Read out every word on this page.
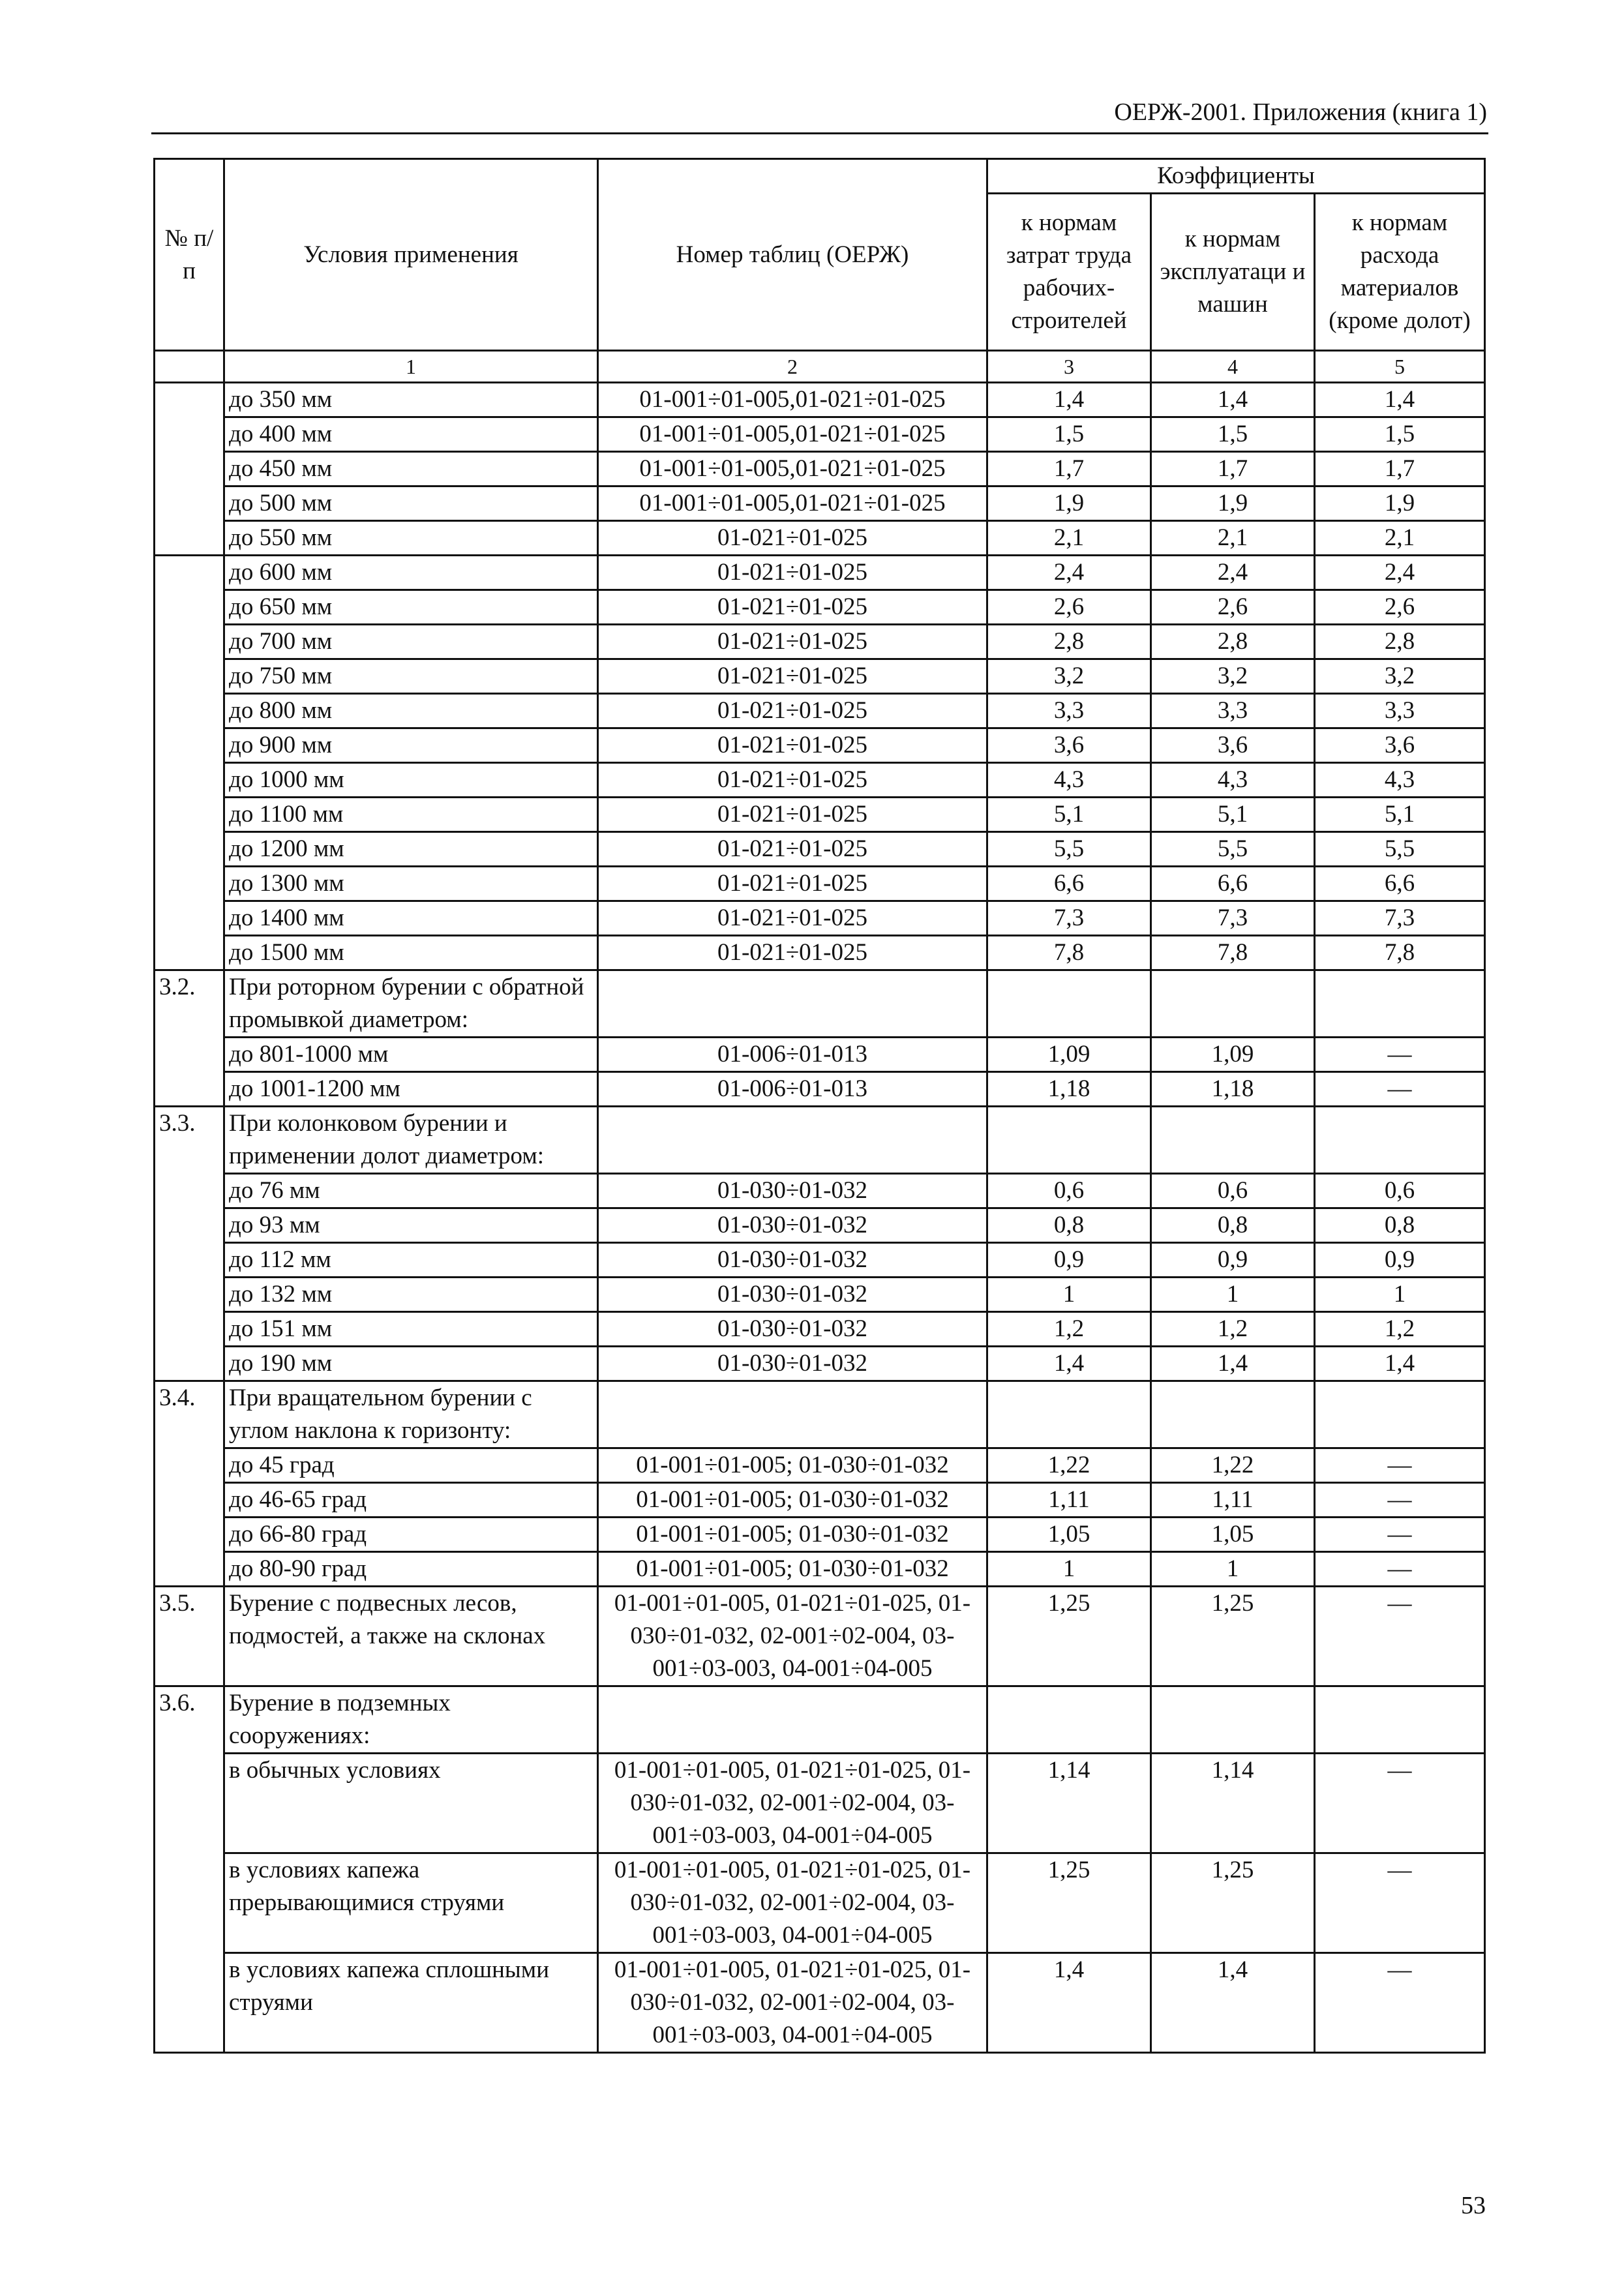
ОЕРЖ-2001. Приложения (книга 1)
№ п/п	Условия применения	Номер таблиц (ОЕРЖ)	Коэффициенты		
			к нормам затрат труда рабочих-строителей	к нормам эксплуатаци и машин	к нормам расхода материалов (кроме долот)
	1	2	3	4	5
	до 350 мм	01-001÷01-005,01-021÷01-025	1,4	1,4	1,4
	до 400 мм	01-001÷01-005,01-021÷01-025	1,5	1,5	1,5
	до 450 мм	01-001÷01-005,01-021÷01-025	1,7	1,7	1,7
	до 500 мм	01-001÷01-005,01-021÷01-025	1,9	1,9	1,9
	до 550 мм	01-021÷01-025	2,1	2,1	2,1
	до 600 мм	01-021÷01-025	2,4	2,4	2,4
	до 650 мм	01-021÷01-025	2,6	2,6	2,6
	до 700 мм	01-021÷01-025	2,8	2,8	2,8
	до 750 мм	01-021÷01-025	3,2	3,2	3,2
	до 800 мм	01-021÷01-025	3,3	3,3	3,3
	до 900 мм	01-021÷01-025	3,6	3,6	3,6
	до 1000 мм	01-021÷01-025	4,3	4,3	4,3
	до 1100 мм	01-021÷01-025	5,1	5,1	5,1
	до 1200 мм	01-021÷01-025	5,5	5,5	5,5
	до 1300 мм	01-021÷01-025	6,6	6,6	6,6
	до 1400 мм	01-021÷01-025	7,3	7,3	7,3
	до 1500 мм	01-021÷01-025	7,8	7,8	7,8
3.2.	При роторном бурении с обратной промывкой диаметром:				
	до 801-1000 мм	01-006÷01-013	1,09	1,09	—
	до 1001-1200 мм	01-006÷01-013	1,18	1,18	—
3.3.	При колонковом бурении и применении долот диаметром:				
	до 76 мм	01-030÷01-032	0,6	0,6	0,6
	до 93 мм	01-030÷01-032	0,8	0,8	0,8
	до 112 мм	01-030÷01-032	0,9	0,9	0,9
	до 132 мм	01-030÷01-032	1	1	1
	до 151 мм	01-030÷01-032	1,2	1,2	1,2
	до 190 мм	01-030÷01-032	1,4	1,4	1,4
3.4.	При вращательном бурении с углом наклона к горизонту:				
	до 45 град	01-001÷01-005; 01-030÷01-032	1,22	1,22	—
	до 46-65 град	01-001÷01-005; 01-030÷01-032	1,11	1,11	—
	до 66-80 град	01-001÷01-005; 01-030÷01-032	1,05	1,05	—
	до 80-90 град	01-001÷01-005; 01-030÷01-032	1	1	—
3.5.	Бурение с подвесных лесов, подмостей, а также на склонах	01-001÷01-005, 01-021÷01-025, 01-030÷01-032, 02-001÷02-004, 03-001÷03-003, 04-001÷04-005	1,25	1,25	—
3.6.	Бурение в подземных сооружениях:				
	в обычных условиях	01-001÷01-005, 01-021÷01-025, 01-030÷01-032, 02-001÷02-004, 03-001÷03-003, 04-001÷04-005	1,14	1,14	—
	в условиях капежа прерывающимися струями	01-001÷01-005, 01-021÷01-025, 01-030÷01-032, 02-001÷02-004, 03-001÷03-003, 04-001÷04-005	1,25	1,25	—
	в условиях капежа сплошными струями	01-001÷01-005, 01-021÷01-025, 01-030÷01-032, 02-001÷02-004, 03-001÷03-003, 04-001÷04-005	1,4	1,4	—
53
